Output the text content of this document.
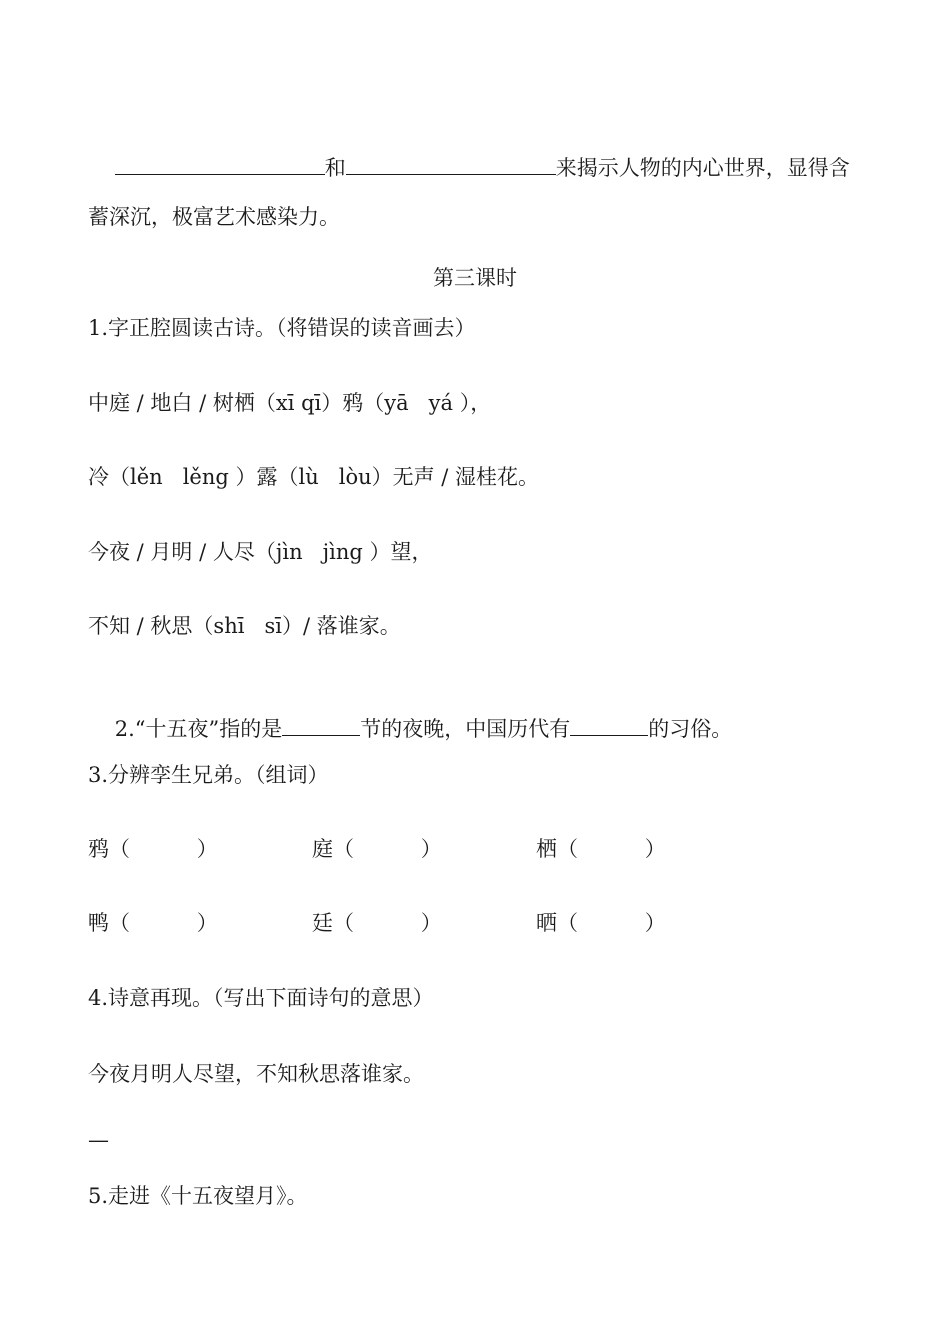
和	来揭示人物的内心世界，显得含

蓄深沉，极富艺术感染力。
第三课时
1.字正腔圆读古诗。（将错误的读音画去）
中庭 / 地白 / 树栖（xī qī）鸦（yā   yá ），
冷（lěn   lěng ）露（lù   lòu）无声 / 湿桂花。
今夜 / 月明 / 人尽（jìn   jìng ）望，
不知 / 秋思（shī   sī）/ 落谁家。

2.“十五夜”指的是	节的夜晚，中国历代有	的习俗。

3.分辨孪生兄弟。（组词）
鸦（          ）	庭（          ）	栖（          ）
鸭（          ）	廷（          ）	晒（          ）
4.诗意再现。（写出下面诗句的意思）
今夜月明人尽望，不知秋思落谁家。
—
5.走进《十五夜望月》。
